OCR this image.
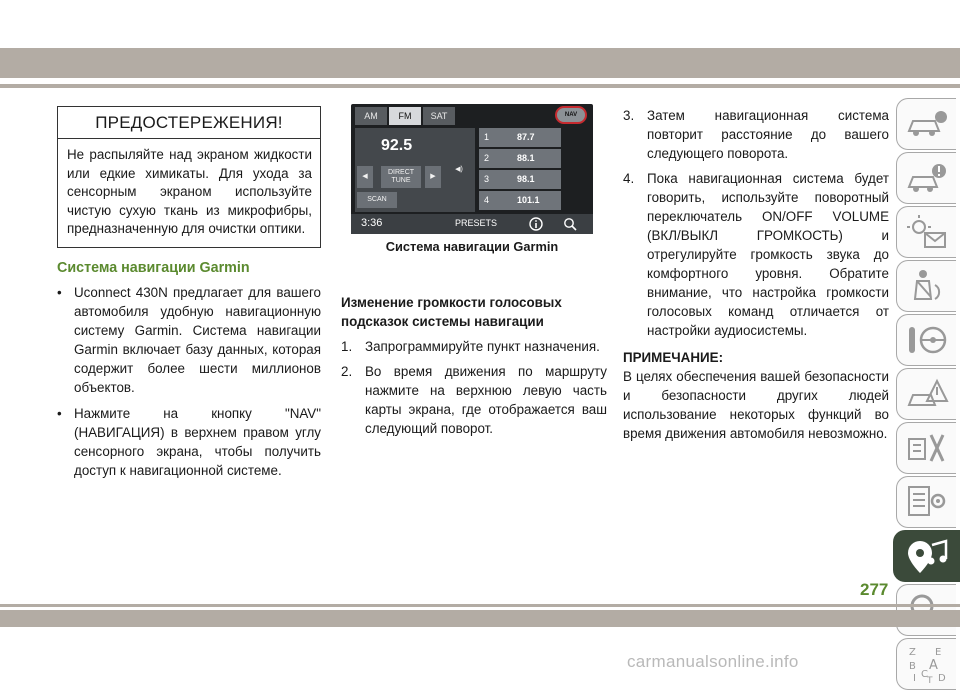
ПРЕДОСТЕРЕЖЕНИЯ!
Не распыляйте над экраном жидкости или едкие химикаты. Для ухода за сенсорным экраном используйте чистую сухую ткань из микрофибры, предназначенную для очистки оптики.
Система навигации Garmin
• Uconnect 430N предлагает для вашего автомобиля удобную навигационную систему Garmin. Система навигации Garmin включает базу данных, которая содержит более шести миллионов объектов.
• Нажмите на кнопку "NAV" (НАВИГАЦИЯ) в верхнем правом углу сенсорного экрана, чтобы получить доступ к навигационной системе.
AM	FM	SAT
92.5
◀
DIRECT TUNE
▶
SCAN
◀)
1	87.7
2	88.1
3	98.1
4	101.1
NAV
3:36	PRESETS
Система навигации Garmin
Изменение громкости голосовых подсказок системы навигации
1. Запрограммируйте пункт назначения.
2. Во время движения по маршруту нажмите на верхнюю левую часть карты экрана, где отображается ваш следующий поворот.
3. Затем навигационная система повторит расстояние до вашего следующего поворота.
4. Пока навигационная система будет говорить, используйте поворотный переключатель ON/OFF VOLUME (ВКЛ/ВЫКЛ ГРОМКОСТЬ) и отрегулируйте громкость звука до комфортного уровня. Обратите внимание, что настройка громкости голосовых команд отличается от настройки аудиосистемы.
ПРИМЕЧАНИЕ:
В целях обеспечения вашей безопасности и безопасности других людей использование некоторых функций во время движения автомобиля невозможно.
Z E
B A
I C
T D
277
carmanualsonline.info
